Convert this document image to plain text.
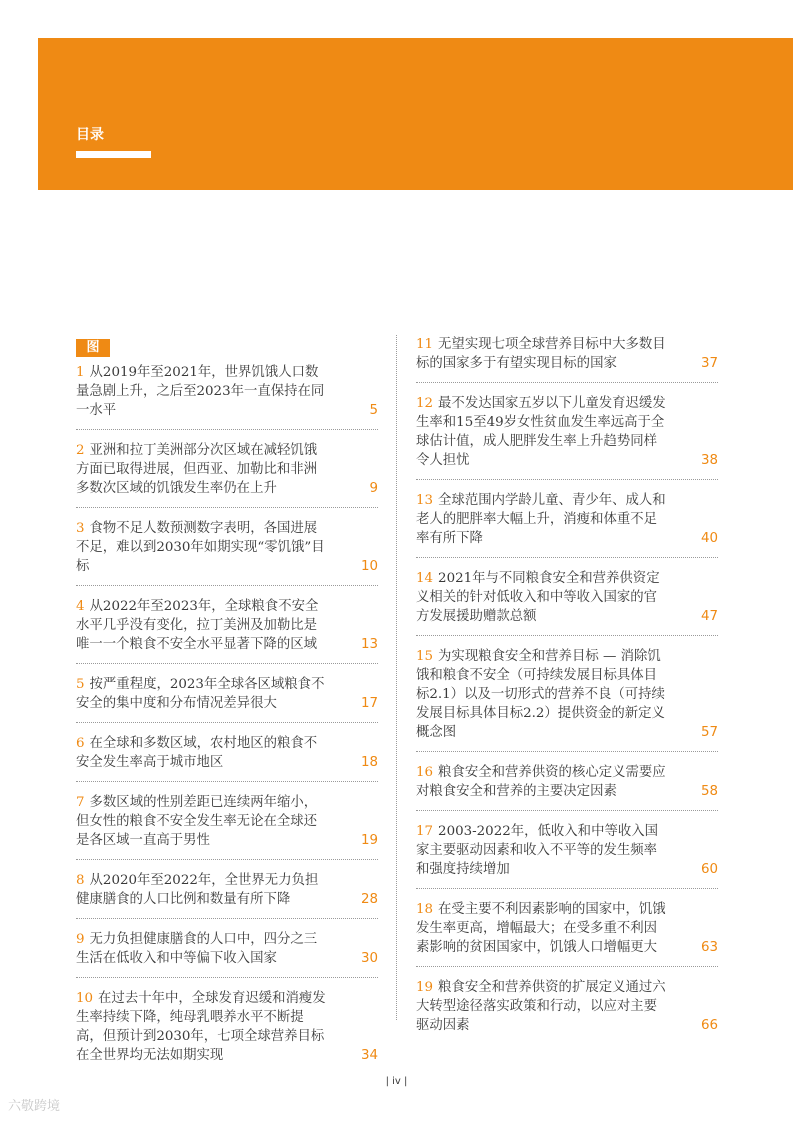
目录
图
1 从2019年至2021年，世界饥饿人口数量急剧上升，之后至2023年一直保持在同一水平	5
2 亚洲和拉丁美洲部分次区域在减轻饥饿方面已取得进展，但西亚、加勒比和非洲多数次区域的饥饿发生率仍在上升	9
3 食物不足人数预测数字表明，各国进展不足，难以到2030年如期实现“零饥饿”目标	10
4 从2022年至2023年，全球粮食不安全水平几乎没有变化，拉丁美洲及加勒比是唯一一个粮食不安全水平显著下降的区域	13
5 按严重程度，2023年全球各区域粮食不安全的集中度和分布情况差异很大	17
6 在全球和多数区域，农村地区的粮食不安全发生率高于城市地区	18
7 多数区域的性别差距已连续两年缩小，但女性的粮食不安全发生率无论在全球还是各区域一直高于男性	19
8 从2020年至2022年，全世界无力负担健康膳食的人口比例和数量有所下降	28
9 无力负担健康膳食的人口中，四分之三生活在低收入和中等偏下收入国家	30
10 在过去十年中，全球发育迟缓和消瘦发生率持续下降，纯母乳喂养水平不断提高，但预计到2030年，七项全球营养目标在全世界均无法如期实现	34
11 无望实现七项全球营养目标中大多数目标的国家多于有望实现目标的国家	37
12 最不发达国家五岁以下儿童发育迟缓发生率和15至49岁女性贫血发生率远高于全球估计值，成人肥胖发生率上升趋势同样令人担忧	38
13 全球范围内学龄儿童、青少年、成人和老人的肥胖率大幅上升，消瘦和体重不足率有所下降	40
14 2021年与不同粮食安全和营养供资定义相关的针对低收入和中等收入国家的官方发展援助赠款总额	47
15 为实现粮食安全和营养目标 — 消除饥饿和粮食不安全（可持续发展目标具体目标2.1）以及一切形式的营养不良（可持续发展目标具体目标2.2）提供资金的新定义概念图	57
16 粮食安全和营养供资的核心定义需要应对粮食安全和营养的主要决定因素	58
17 2003-2022年，低收入和中等收入国家主要驱动因素和收入不平等的发生频率和强度持续增加	60
18 在受主要不利因素影响的国家中，饥饿发生率更高，增幅最大；在受多重不利因素影响的贫困国家中，饥饿人口增幅更大	63
19 粮食安全和营养供资的扩展定义通过六大转型途径落实政策和行动，以应对主要驱动因素	66
| iv |
六敬跨境
